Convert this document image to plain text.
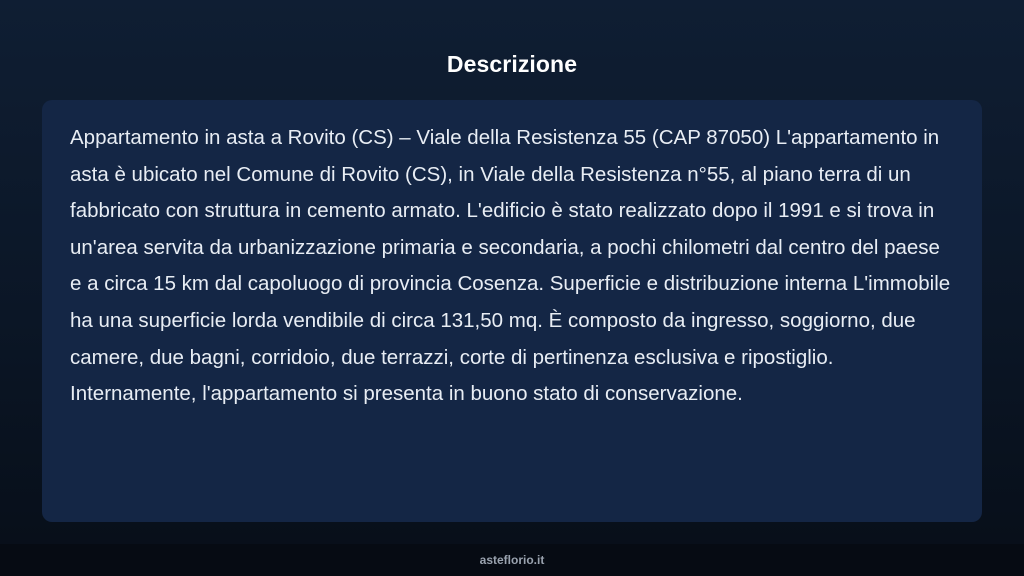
Descrizione

Appartamento in asta a Rovito (CS) – Viale della Resistenza 55 (CAP 87050) L'appartamento in asta è ubicato nel Comune di Rovito (CS), in Viale della Resistenza n°55, al piano terra di un fabbricato con struttura in cemento armato. L'edificio è stato realizzato dopo il 1991 e si trova in un'area servita da urbanizzazione primaria e secondaria, a pochi chilometri dal centro del paese e a circa 15 km dal capoluogo di provincia Cosenza. Superficie e distribuzione interna L'immobile ha una superficie lorda vendibile di circa 131,50 mq. È composto da ingresso, soggiorno, due camere, due bagni, corridoio, due terrazzi, corte di pertinenza esclusiva e ripostiglio. Internamente, l'appartamento si presenta in buono stato di conservazione.

asteflorio.it
